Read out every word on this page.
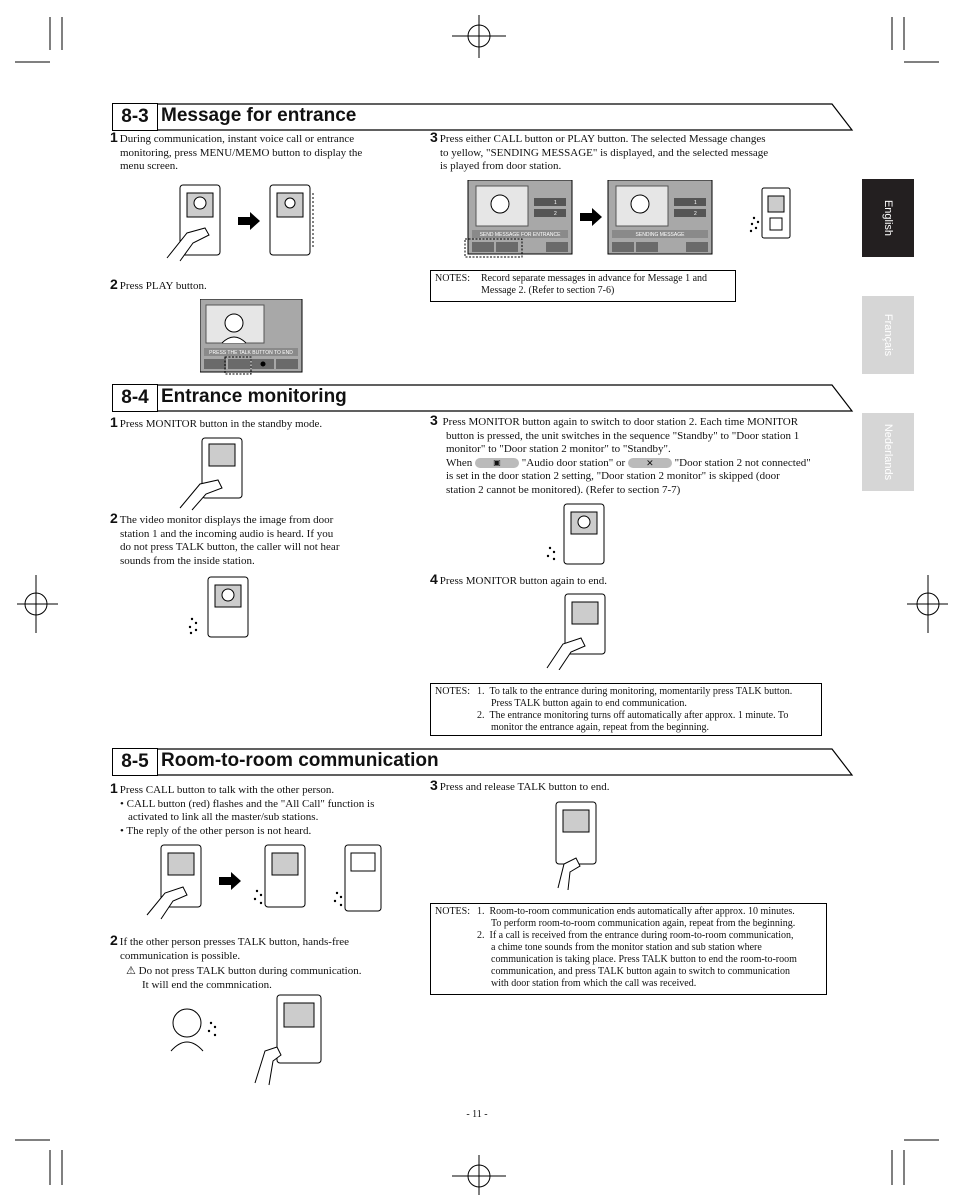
English
Français
Nederlands
8-3 Message for entrance
1 During communication, instant voice call or entrance
monitoring, press MENU/MEMO button to display the
menu screen.
2 Press PLAY button.
PRESS THE TALK BUTTON TO END
3 Press either CALL button or PLAY button. The selected Message changes
to yellow, "SENDING MESSAGE" is displayed, and the selected message
is played from door station.
1
2
SEND MESSAGE FOR ENTRANCE
1
2
SENDING MESSAGE
NOTES:	Record separate messages in advance for Message 1 and
Message 2. (Refer to section 7-6)
8-4 Entrance monitoring
1 Press MONITOR button in the standby mode.
2 The video monitor displays the image from door
station 1 and the incoming audio is heard. If you
do not press TALK button, the caller will not hear
sounds from the inside station.
3 Press MONITOR button again to switch to door station 2. Each time MONITOR
button is pressed, the unit switches in the sequence "Standby" to "Door station 1
monitor" to "Door station 2 monitor" to "Standby".
When	▣ "Audio door station" or ✕ "Door station 2 not connected"
is set in the door station 2 setting, "Door station 2 monitor" is skipped (door
station 2 cannot be monitored). (Refer to section 7-7)
4 Press MONITOR button again to end.
NOTES: 1. To talk to the entrance during monitoring, momentarily press TALK button.
Press TALK button again to end communication.
2. The entrance monitoring turns off automatically after approx. 1 minute. To
monitor the entrance again, repeat from the beginning.
8-5 Room-to-room communication
1 Press CALL button to talk with the other person.
• CALL button (red) flashes and the "All Call" function is
activated to link all the master/sub stations.
• The reply of the other person is not heard.
2 If the other person presses TALK button, hands-free
communication is possible.
⚠ Do not press TALK button during communication.
It will end the commnication.
3 Press and release TALK button to end.
NOTES: 1. Room-to-room communication ends automatically after approx. 10 minutes.
To perform room-to-room communication again, repeat from the beginning.
2. If a call is received from the entrance during room-to-room communication,
a chime tone sounds from the monitor station and sub station where
communication is taking place. Press TALK button to end the room-to-room
communication, and press TALK button again to switch to communication
with door station from which the call was received.
- 11 -
